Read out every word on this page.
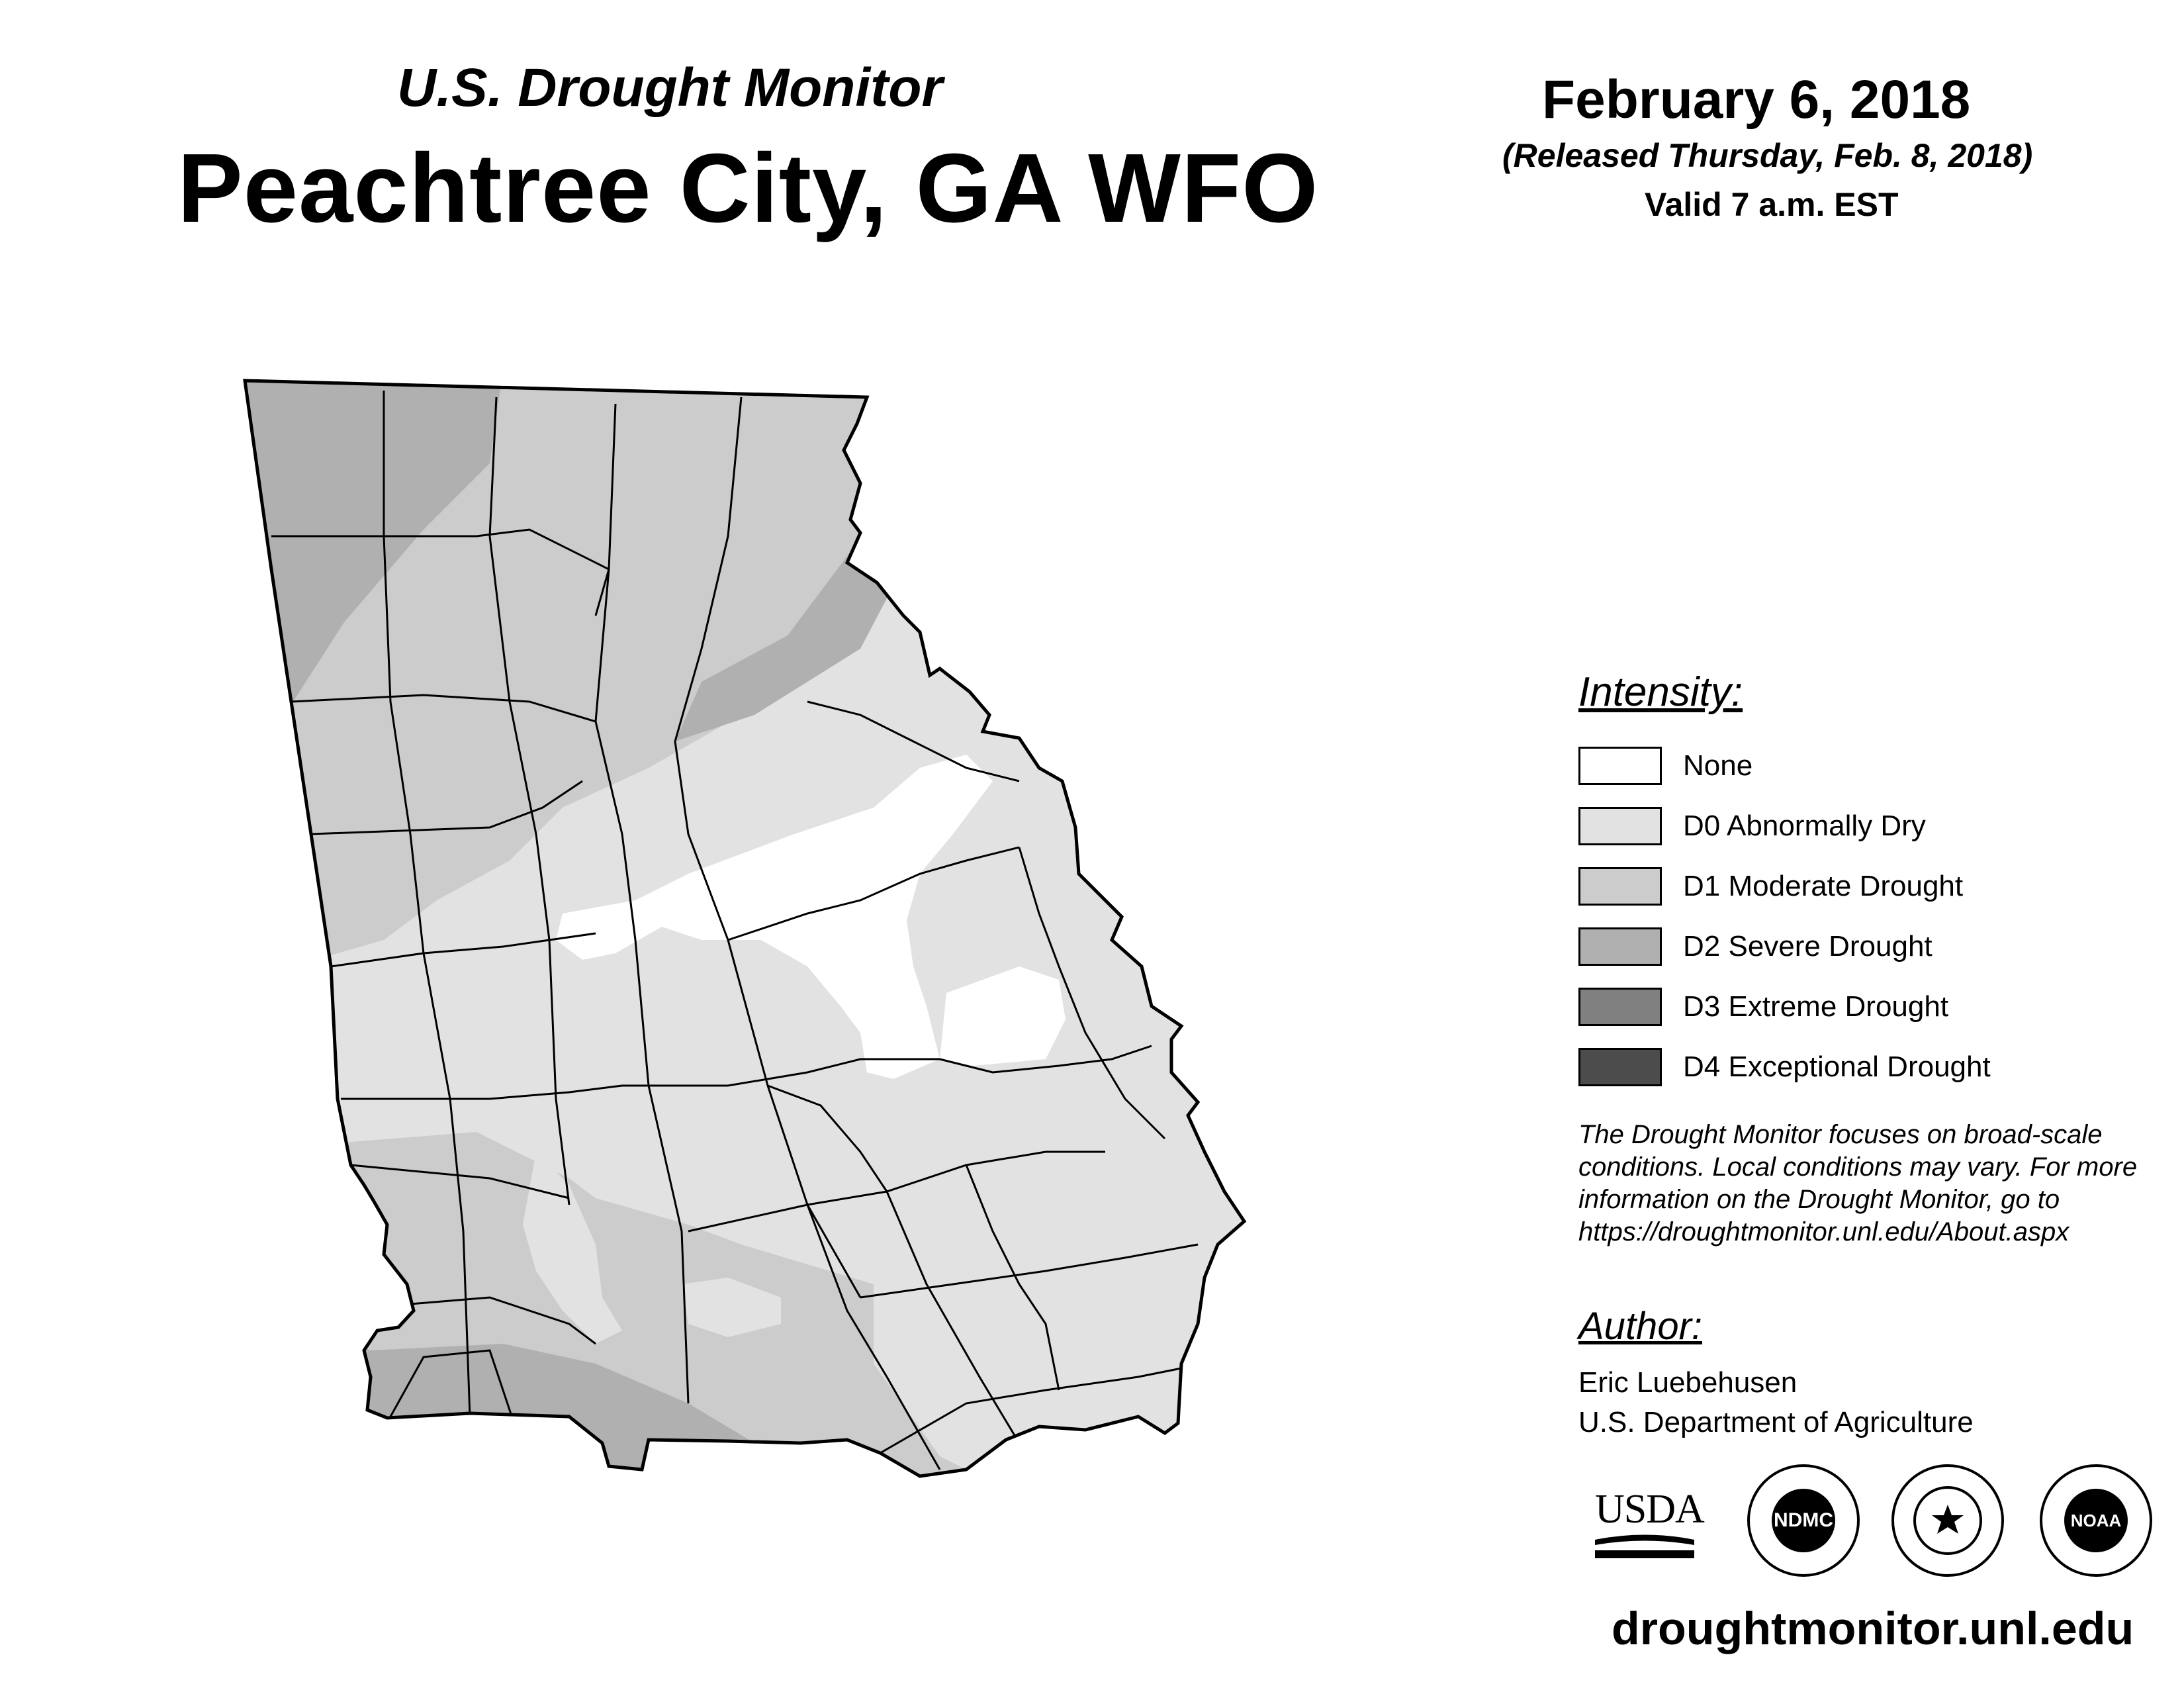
U.S. Drought Monitor
Peachtree City, GA WFO
February 6, 2018
(Released Thursday, Feb. 8, 2018)
Valid 7 a.m. EST
Intensity:
None
D0 Abnormally Dry
D1 Moderate Drought
D2 Severe Drought
D3 Extreme Drought
D4 Exceptional Drought
The Drought Monitor focuses on broad-scale conditions. Local conditions may vary. For more information on the Drought Monitor, go to https://droughtmonitor.unl.edu/About.aspx
Author:
Eric Luebehusen
U.S. Department of Agriculture
USDA	NDMC	NOAA
droughtmonitor.unl.edu
